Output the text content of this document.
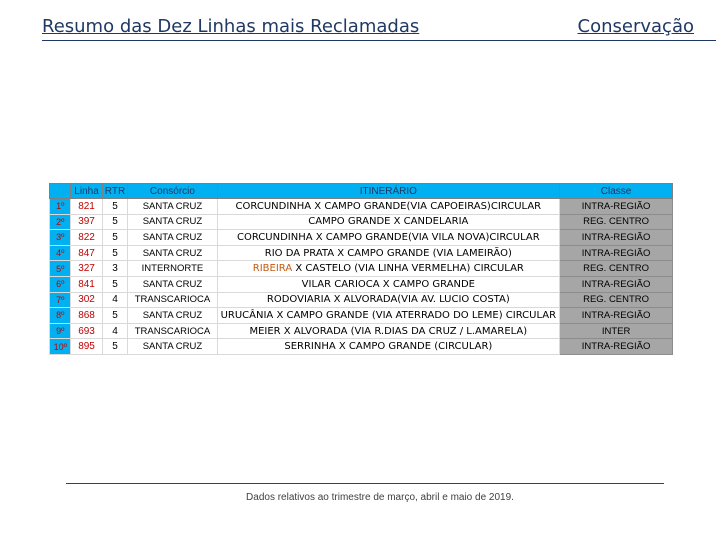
Resumo das Dez Linhas mais Reclamadas	Conservação
	Linha	RTR	Consórcio	ITINERÁRIO	Classe
1º	821	5	SANTA CRUZ	CORCUNDINHA X CAMPO GRANDE(VIA CAPOEIRAS)CIRCULAR	INTRA-REGIÃO
2º	397	5	SANTA CRUZ	CAMPO GRANDE X CANDELARIA	REG. CENTRO
3º	822	5	SANTA CRUZ	CORCUNDINHA X CAMPO GRANDE(VIA VILA NOVA)CIRCULAR	INTRA-REGIÃO
4º	847	5	SANTA CRUZ	RIO DA PRATA X CAMPO GRANDE (VIA LAMEIRÃO)	INTRA-REGIÃO
5º	327	3	INTERNORTE	RIBEIRA X CASTELO (VIA LINHA VERMELHA) CIRCULAR	REG. CENTRO
6º	841	5	SANTA CRUZ	VILAR CARIOCA X CAMPO GRANDE	INTRA-REGIÃO
7º	302	4	TRANSCARIOCA	RODOVIARIA X ALVORADA(VIA AV. LUCIO COSTA)	REG. CENTRO
8º	868	5	SANTA CRUZ	URUCÂNIA X CAMPO GRANDE (VIA ATERRADO DO LEME) CIRCULAR	INTRA-REGIÃO
9º	693	4	TRANSCARIOCA	MEIER X ALVORADA (VIA R.DIAS DA CRUZ / L.AMARELA)	INTER
10º	895	5	SANTA CRUZ	SERRINHA X CAMPO GRANDE (CIRCULAR)	INTRA-REGIÃO
Dados relativos ao trimestre de março, abril e maio de 2019.
